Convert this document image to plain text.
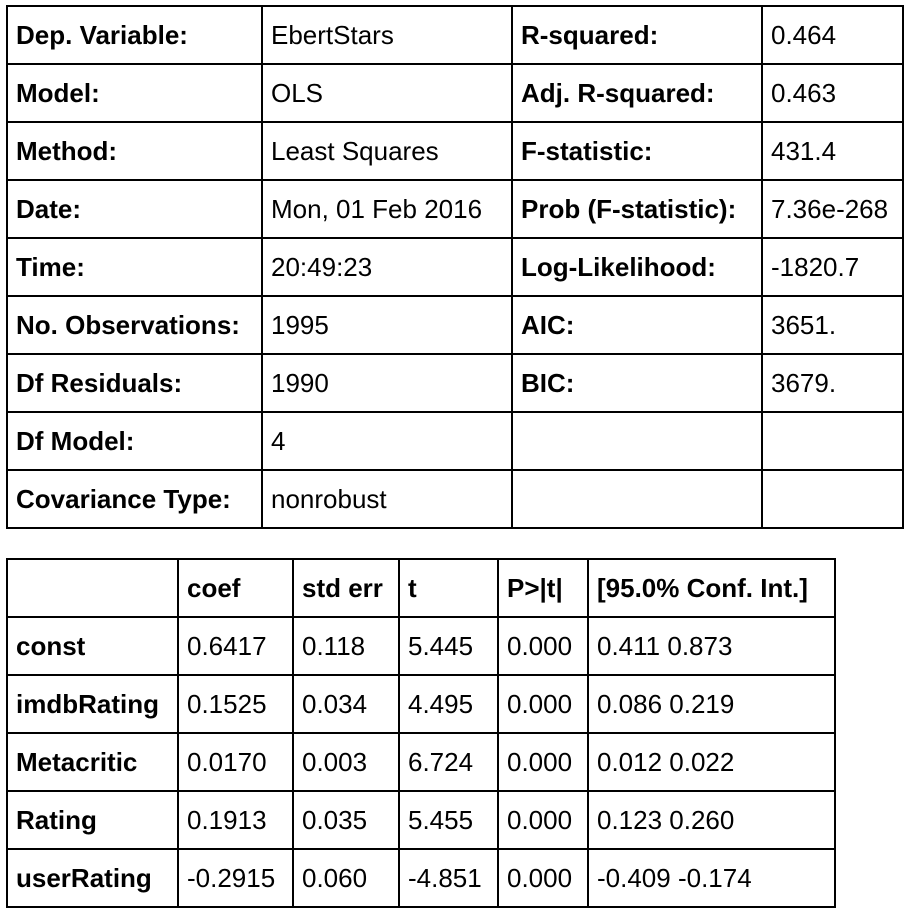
Dep. Variable:	EbertStars	R-squared:	0.464
Model:	OLS	Adj. R-squared:	0.463
Method:	Least Squares	F-statistic:	431.4
Date:	Mon, 01 Feb 2016	Prob (F-statistic):	7.36e-268
Time:	20:49:23	Log-Likelihood:	-1820.7
No. Observations:	1995	AIC:	3651.
Df Residuals:	1990	BIC:	3679.
Df Model:	4		
Covariance Type:	nonrobust		
	coef	std err	t	P>|t|	[95.0% Conf. Int.]
const	0.6417	0.118	5.445	0.000	0.411 0.873
imdbRating	0.1525	0.034	4.495	0.000	0.086 0.219
Metacritic	0.0170	0.003	6.724	0.000	0.012 0.022
Rating	0.1913	0.035	5.455	0.000	0.123 0.260
userRating	-0.2915	0.060	-4.851	0.000	-0.409 -0.174
